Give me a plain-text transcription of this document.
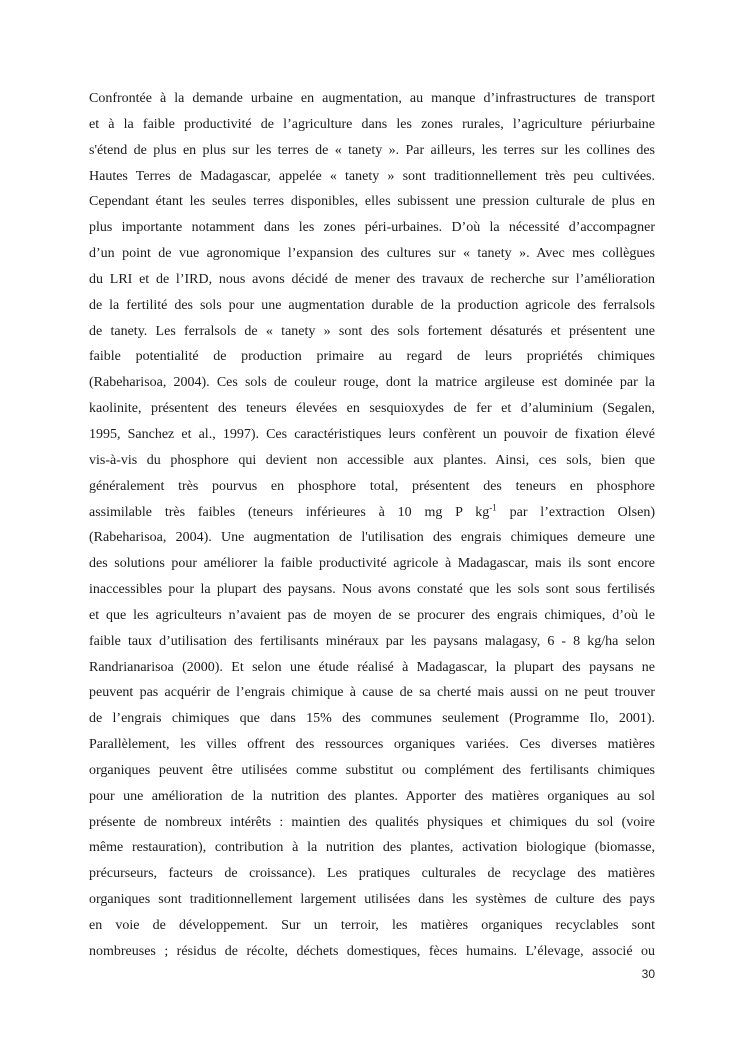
Confrontée à la demande urbaine en augmentation, au manque d’infrastructures de transport
et à la faible productivité de l’agriculture dans les zones rurales, l’agriculture périurbaine
s'étend de plus en plus sur les terres de « tanety ». Par ailleurs, les terres sur les collines des
Hautes Terres de Madagascar, appelée « tanety » sont traditionnellement très peu cultivées.
Cependant étant les seules terres disponibles, elles subissent une pression culturale de plus en
plus importante notamment dans les zones péri-urbaines. D’où la nécessité d’accompagner
d’un point de vue agronomique l’expansion des cultures sur « tanety ». Avec mes collègues
du LRI et de l’IRD, nous avons décidé de mener des travaux de recherche sur l’amélioration
de la fertilité des sols pour une augmentation durable de la production agricole des ferralsols
de tanety. Les ferralsols de « tanety » sont des sols fortement désaturés et présentent une
faible potentialité de production primaire au regard de leurs propriétés chimiques
(Rabeharisoa, 2004). Ces sols de couleur rouge, dont la matrice argileuse est dominée par la
kaolinite, présentent des teneurs élevées en sesquioxydes de fer et d’aluminium (Segalen,
1995, Sanchez et al., 1997). Ces caractéristiques leurs confèrent un pouvoir de fixation élevé
vis-à-vis du phosphore qui devient non accessible aux plantes. Ainsi, ces sols, bien que
généralement très pourvus en phosphore total, présentent des teneurs en phosphore
assimilable très faibles (teneurs inférieures à 10 mg P $kg^{-1}$ par l’extraction Olsen)
(Rabeharisoa, 2004). Une augmentation de l'utilisation des engrais chimiques demeure une
des solutions pour améliorer la faible productivité agricole à Madagascar, mais ils sont encore
inaccessibles pour la plupart des paysans. Nous avons constaté que les sols sont sous fertilisés
et que les agriculteurs n’avaient pas de moyen de se procurer des engrais chimiques, d’où le
faible taux d’utilisation des fertilisants minéraux par les paysans malagasy, 6 - 8 kg/ha selon
Randrianarisoa (2000). Et selon une étude réalisé à Madagascar, la plupart des paysans ne
peuvent pas acquérir de l’engrais chimique à cause de sa cherté mais aussi on ne peut trouver
de l’engrais chimiques que dans 15% des communes seulement (Programme Ilo, 2001).
Parallèlement, les villes offrent des ressources organiques variées. Ces diverses matières
organiques peuvent être utilisées comme substitut ou complément des fertilisants chimiques
pour une amélioration de la nutrition des plantes. Apporter des matières organiques au sol
présente de nombreux intérêts : maintien des qualités physiques et chimiques du sol (voire
même restauration), contribution à la nutrition des plantes, activation biologique (biomasse,
précurseurs, facteurs de croissance). Les pratiques culturales de recyclage des matières
organiques sont traditionnellement largement utilisées dans les systèmes de culture des pays
en voie de développement. Sur un terroir, les matières organiques recyclables sont
nombreuses ; résidus de récolte, déchets domestiques, fèces humains. L’élevage, associé ou
30
